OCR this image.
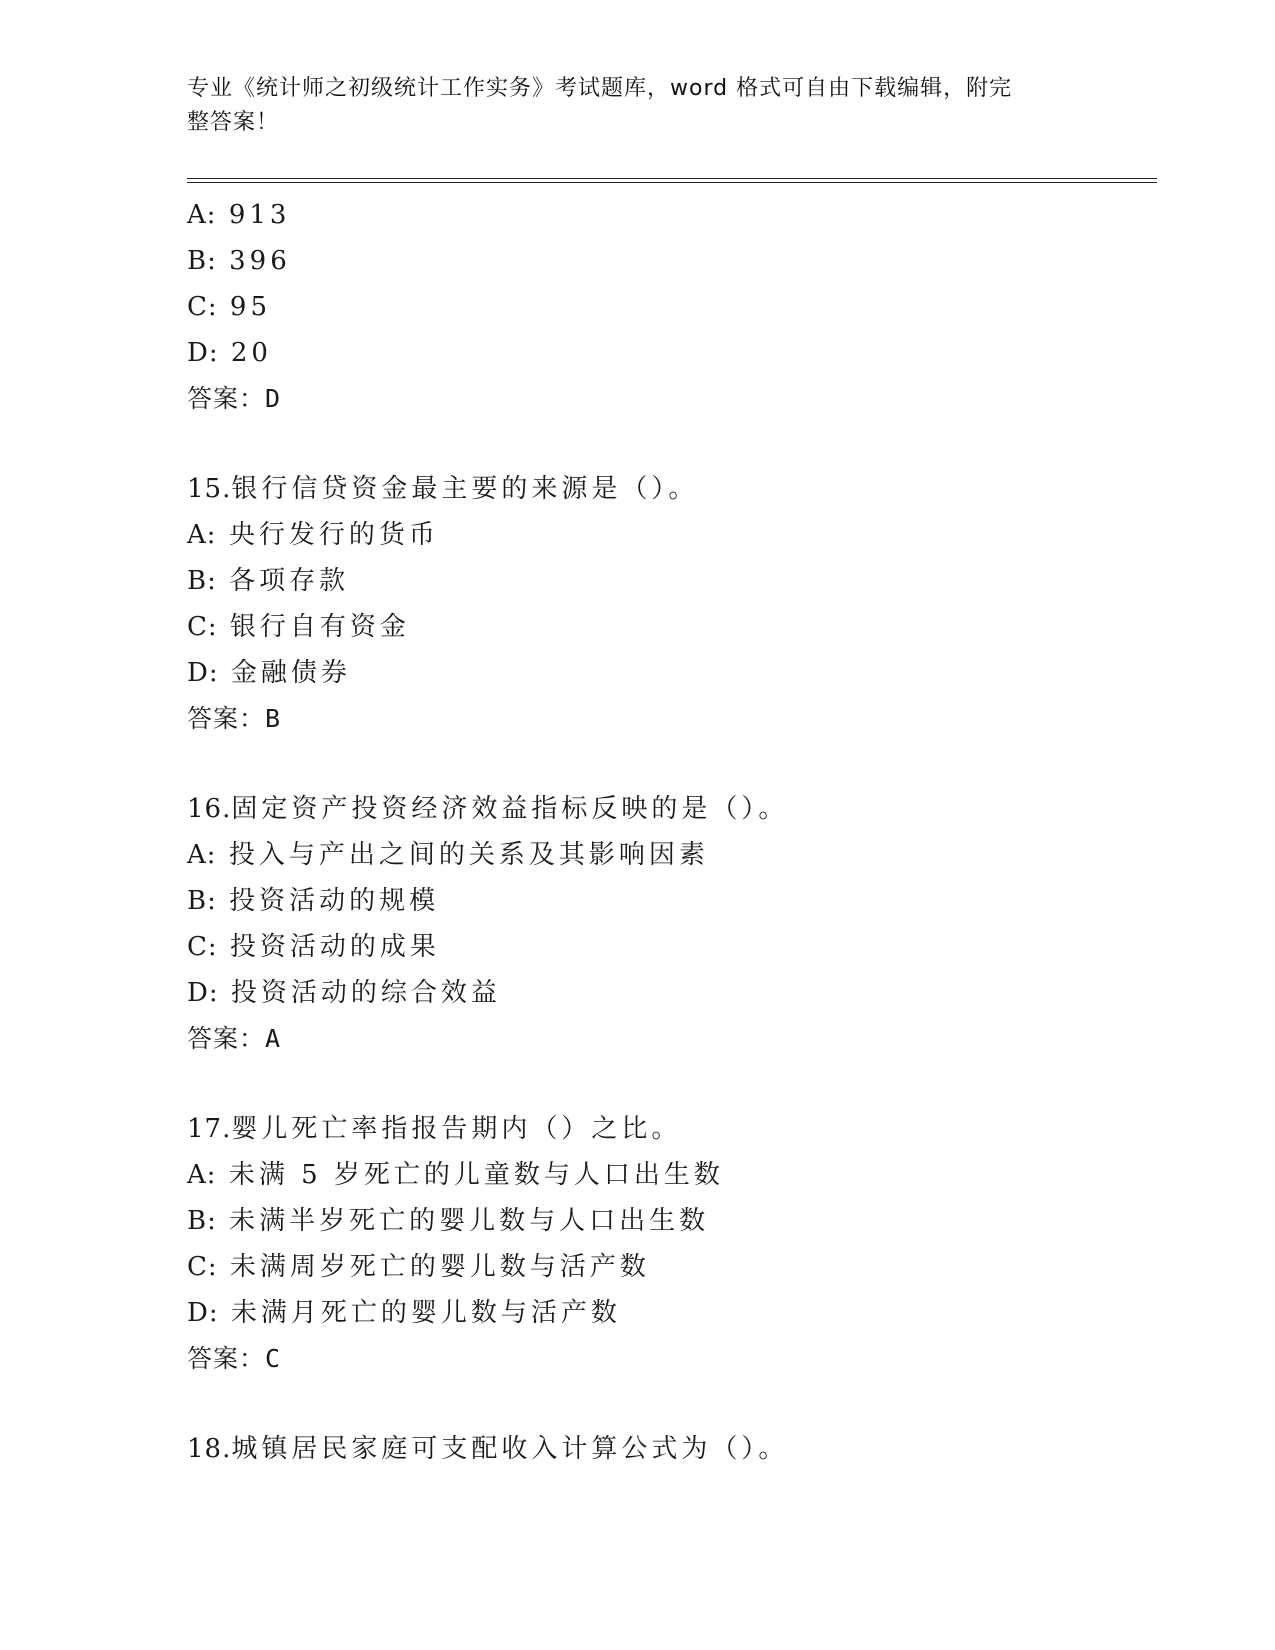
专业《统计师之初级统计工作实务》考试题库，word 格式可自由下载编辑，附完
整答案！
A: 913
B: 396
C: 95
D: 20
答案：D
15.银行信贷资金最主要的来源是（）。
A: 央行发行的货币
B: 各项存款
C: 银行自有资金
D: 金融债券
答案：B
16.固定资产投资经济效益指标反映的是（）。
A: 投入与产出之间的关系及其影响因素
B: 投资活动的规模
C: 投资活动的成果
D: 投资活动的综合效益
答案：A
17.婴儿死亡率指报告期内（）之比。
A: 未满 5 岁死亡的儿童数与人口出生数
B: 未满半岁死亡的婴儿数与人口出生数
C: 未满周岁死亡的婴儿数与活产数
D: 未满月死亡的婴儿数与活产数
答案：C
18.城镇居民家庭可支配收入计算公式为（）。
